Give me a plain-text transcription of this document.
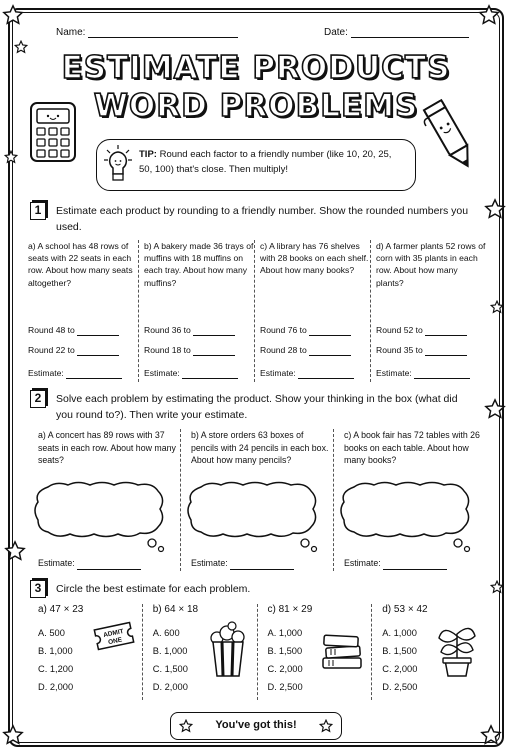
Name:	Date:
ESTIMATE PRODUCTS
WORD PROBLEMS
TIP: Round each factor to a friendly number (like 10, 20, 25, 50, 100) that's close. Then multiply!
1	Estimate each product by rounding to a friendly number. Show the rounded numbers you used.
a) A school has 48 rows of seats with 22 seats in each row. About how many seats altogether?
Round 48 to
Round 22 to
Estimate:
b) A bakery made 36 trays of muffins with 18 muffins on each tray. About how many muffins?
Round 36 to
Round 18 to
Estimate:
c) A library has 76 shelves with 28 books on each shelf. About how many books?
Round 76 to
Round 28 to
Estimate:
d) A farmer plants 52 rows of corn with 35 plants in each row. About how many plants?
Round 52 to
Round 35 to
Estimate:
2	Solve each problem by estimating the product. Show your thinking in the box (what did you round to?). Then write your estimate.
a) A concert has 89 rows with 37 seats in each row. About how many seats?
Estimate:
b) A store orders 63 boxes of pencils with 24 pencils in each box. About how many pencils?
Estimate:
c) A book fair has 72 tables with 26 books on each table. About how many books?
Estimate:
3	Circle the best estimate for each problem.
a) 47 × 23
A. 500
B. 1,000
C. 1,200
D. 2,000
ADMIT
ONE
b) 64 × 18
A. 600
B. 1,000
C. 1,500
D. 2,000
c) 81 × 29
A. 1,000
B. 1,500
C. 2,000
D. 2,500
d) 53 × 42
A. 1,000
B. 1,500
C. 2,000
D. 2,500
You've got this!
